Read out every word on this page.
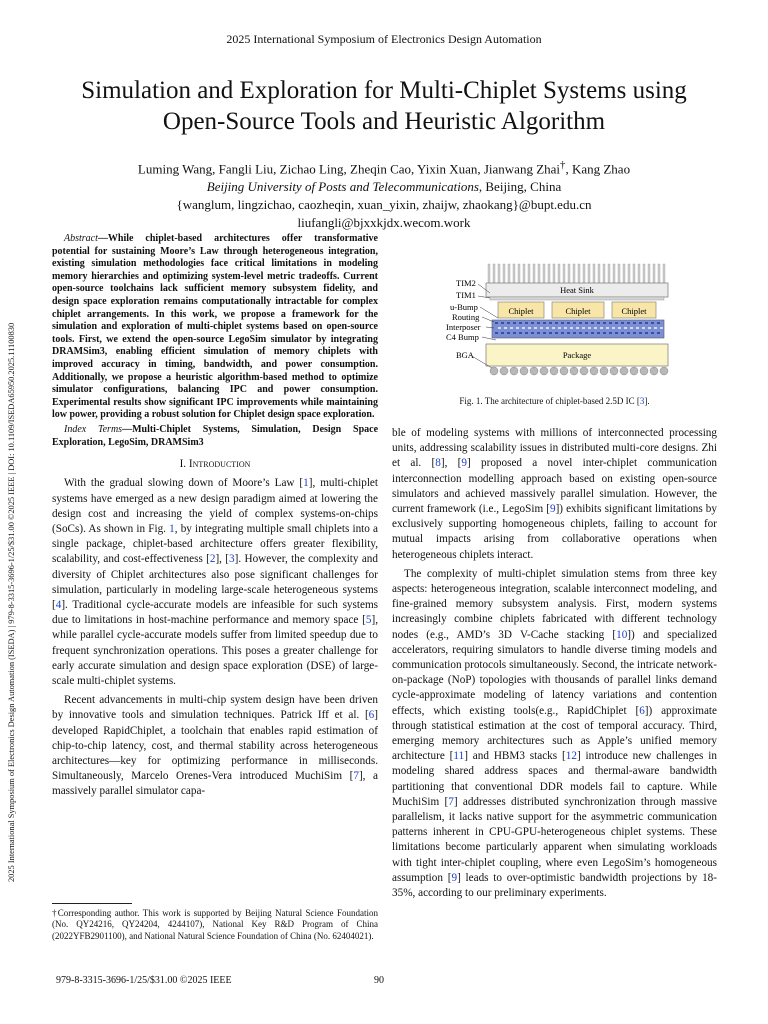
2025 International Symposium of Electronics Design Automation
2025 International Symposium of Electronics Design Automation (ISEDA) | 979-8-3315-3696-1/25/$31.00 ©2025 IEEE | DOI: 10.1109/ISEDA65950.2025.11100830
Simulation and Exploration for Multi-Chiplet Systems using
Open-Source Tools and Heuristic Algorithm
Luming Wang, Fangli Liu, Zichao Ling, Zheqin Cao, Yixin Xuan, Jianwang Zhai†, Kang Zhao
Beijing University of Posts and Telecommunications, Beijing, China
{wanglum, lingzichao, caozheqin, xuan_yixin, zhaijw, zhaokang}@bupt.edu.cn
liufangli@bjxxkjdx.wecom.work

Abstract—While chiplet-based architectures offer transformative potential for sustaining Moore’s Law through heterogeneous integration, existing simulation methodologies face critical limitations in modeling memory hierarchies and optimizing system-level metric tradeoffs. Current open-source toolchains lack sufficient memory subsystem fidelity, and design space exploration remains computationally intractable for complex chiplet arrangements. In this work, we propose a framework for the simulation and exploration of multi-chiplet systems based on open-source tools. First, we extend the open-source LegoSim simulator by integrating DRAMSim3, enabling efficient simulation of memory chiplets with improved accuracy in timing, bandwidth, and power consumption. Additionally, we propose a heuristic algorithm-based method to optimize simulator configurations, balancing IPC and power consumption. Experimental results show significant IPC improvements while maintaining low power, providing a robust solution for Chiplet design space exploration.

Index Terms—Multi-Chiplet Systems, Simulation, Design Space Exploration, LegoSim, DRAMSim3

I. Introduction

With the gradual slowing down of Moore’s Law [1], multi-chiplet systems have emerged as a new design paradigm aimed at lowering the design cost and increasing the yield of complex systems-on-chips (SoCs). As shown in Fig. 1, by integrating multiple small chiplets into a single package, chiplet-based architecture offers greater flexibility, scalability, and cost-effectiveness [2], [3]. However, the complexity and diversity of Chiplet architectures also pose significant challenges for simulation, particularly in modeling large-scale heterogeneous systems [4]. Traditional cycle-accurate models are infeasible for such systems due to limitations in host-machine performance and memory space [5], while parallel cycle-accurate models suffer from limited speedup due to frequent synchronization operations. This poses a greater challenge for early accurate simulation and design space exploration (DSE) of large-scale multi-chiplet systems.

Recent advancements in multi-chip system design have been driven by innovative tools and simulation techniques. Patrick Iff et al. [6] developed RapidChiplet, a toolchain that enables rapid estimation of chip-to-chip latency, cost, and thermal stability across heterogeneous architectures—key for optimizing performance in milliseconds. Simultaneously, Marcelo Orenes-Vera introduced MuchiSim [7], a massively parallel simulator capa-

†Corresponding author. This work is supported by Beijing Natural Science Foundation (No. QY24216, QY24204, 4244107), National Key R&D Program of China (2022YFB2901100), and National Natural Science Foundation of China (No. 62404021).
Heat Sink
Chiplet	Chiplet	Chiplet
Package
TIM2
TIM1
u-Bump
Routing
Interposer
C4 Bump
BGA
Fig. 1. The architecture of chiplet-based 2.5D IC [3].

ble of modeling systems with millions of interconnected processing units, addressing scalability issues in distributed multi-core designs. Zhi et al. [8], [9] proposed a novel inter-chiplet communication interconnection modelling approach based on existing open-source simulators and achieved massively parallel simulation. However, the current framework (i.e., LegoSim [9]) exhibits significant limitations by exclusively supporting homogeneous chiplets, failing to account for mutual impacts arising from collaborative operations when heterogeneous chiplets interact.

The complexity of multi-chiplet simulation stems from three key aspects: heterogeneous integration, scalable interconnect modeling, and fine-grained memory subsystem analysis. First, modern systems increasingly combine chiplets fabricated with different technology nodes (e.g., AMD’s 3D V-Cache stacking [10]) and specialized accelerators, requiring simulators to handle diverse timing models and communication protocols simultaneously. Second, the intricate network-on-package (NoP) topologies with thousands of parallel links demand cycle-approximate modeling of latency variations and contention effects, which existing tools(e.g., RapidChiplet [6]) approximate through statistical estimation at the cost of temporal accuracy. Third, emerging memory architectures such as Apple’s unified memory architecture [11] and HBM3 stacks [12] introduce new challenges in modeling shared address spaces and thermal-aware bandwidth partitioning that conventional DDR models fail to capture. While MuchiSim [7] addresses distributed synchronization through massive parallelism, it lacks native support for the asymmetric communication patterns inherent in CPU-GPU-heterogeneous chiplet systems. These limitations become particularly apparent when simulating workloads with tight inter-chiplet coupling, where even LegoSim’s homogeneous assumption [9] leads to over-optimistic bandwidth projections by 18-35%, according to our preliminary experiments.

979-8-3315-3696-1/25/$31.00 ©2025 IEEE	90
